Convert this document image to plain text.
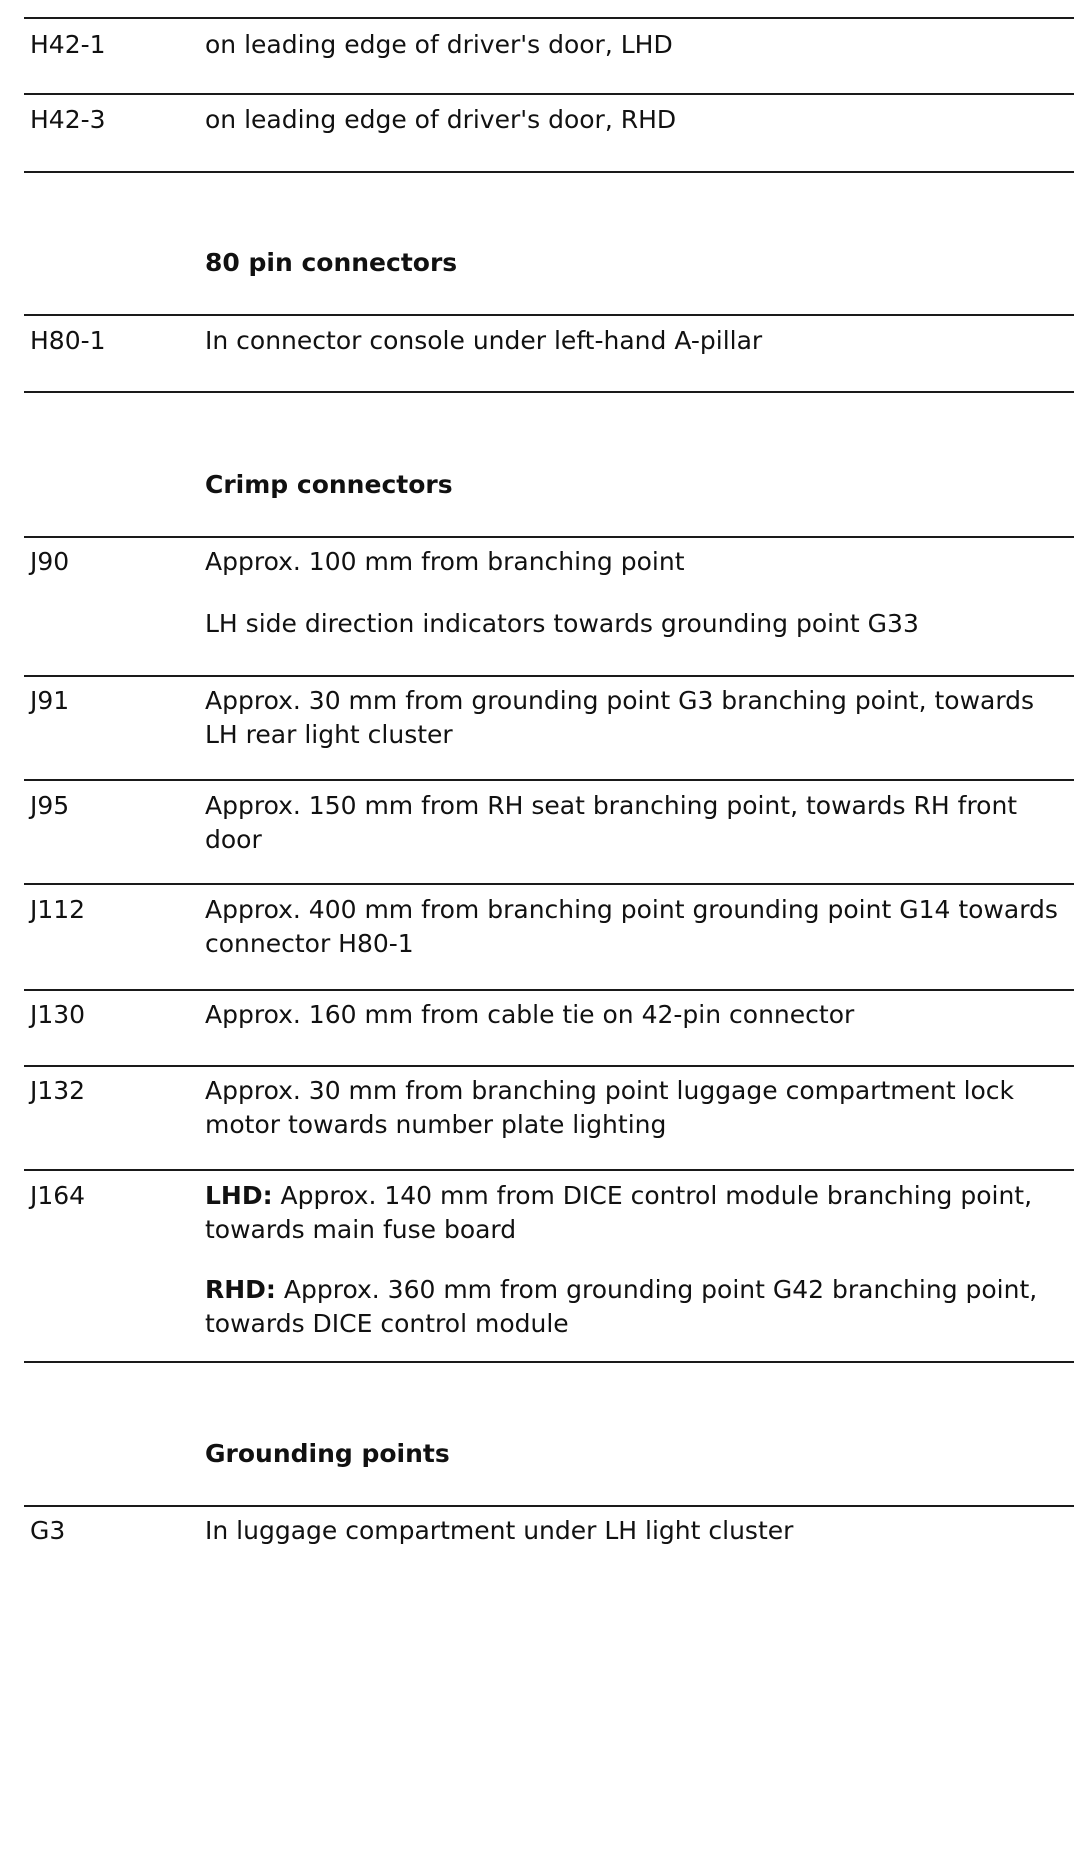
H42-1	on leading edge of driver's door, LHD
H42-3	on leading edge of driver's door, RHD
80 pin connectors
H80-1	In connector console under left-hand A-pillar
Crimp connectors
J90	Approx. 100 mm from branching point
LH side direction indicators towards grounding point G33
J91	Approx. 30 mm from grounding point G3 branching point, towards LH rear light cluster
J95	Approx. 150 mm from RH seat branching point, towards RH front door
J112	Approx. 400 mm from branching point grounding point G14 towards connector H80-1
J130	Approx. 160 mm from cable tie on 42-pin connector
J132	Approx. 30 mm from branching point luggage compartment lock motor towards number plate lighting
J164	LHD: Approx. 140 mm from DICE control module branching point, towards main fuse board
RHD: Approx. 360 mm from grounding point G42 branching point, towards DICE control module
Grounding points
G3	In luggage compartment under LH light cluster
